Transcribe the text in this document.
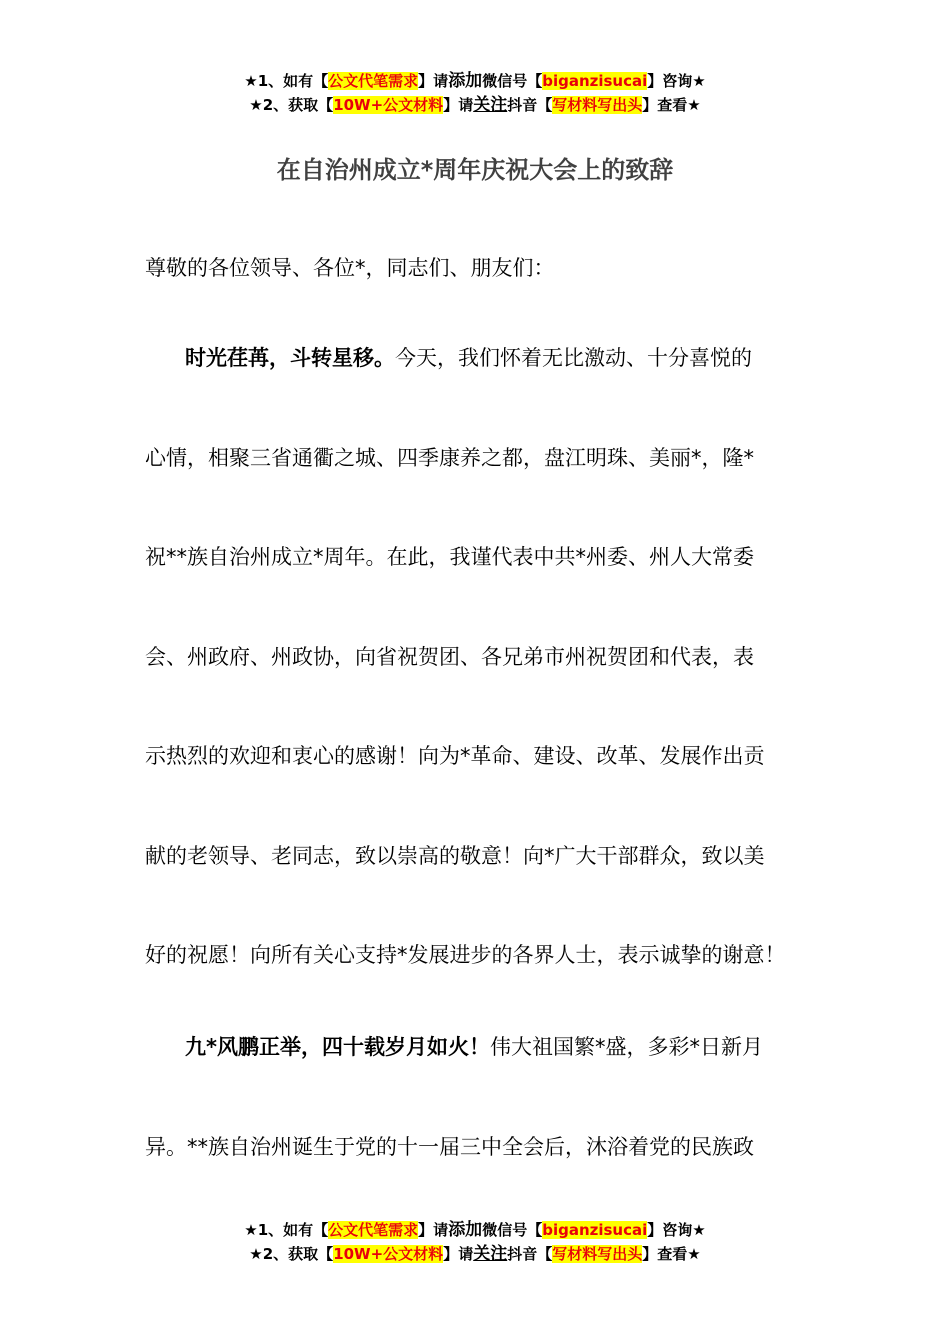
★1、如有【公文代笔需求】请添加微信号【biganzisucai】咨询★
★2、获取【10W+公文材料】请关注抖音【写材料写出头】查看★
在自治州成立*周年庆祝大会上的致辞
尊敬的各位领导、各位*，同志们、朋友们：
时光荏苒，斗转星移。今天，我们怀着无比激动、十分喜悦的
心情，相聚三省通衢之城、四季康养之都，盘江明珠、美丽*，隆*
祝**族自治州成立*周年。在此，我谨代表中共*州委、州人大常委
会、州政府、州政协，向省祝贺团、各兄弟市州祝贺团和代表，表
示热烈的欢迎和衷心的感谢！向为*革命、建设、改革、发展作出贡
献的老领导、老同志，致以崇高的敬意！向*广大干部群众，致以美
好的祝愿！向所有关心支持*发展进步的各界人士，表示诚挚的谢意！
九*风鹏正举，四十载岁月如火！伟大祖国繁*盛，多彩*日新月
异。**族自治州诞生于党的十一届三中全会后，沐浴着党的民族政
★1、如有【公文代笔需求】请添加微信号【biganzisucai】咨询★
★2、获取【10W+公文材料】请关注抖音【写材料写出头】查看★
